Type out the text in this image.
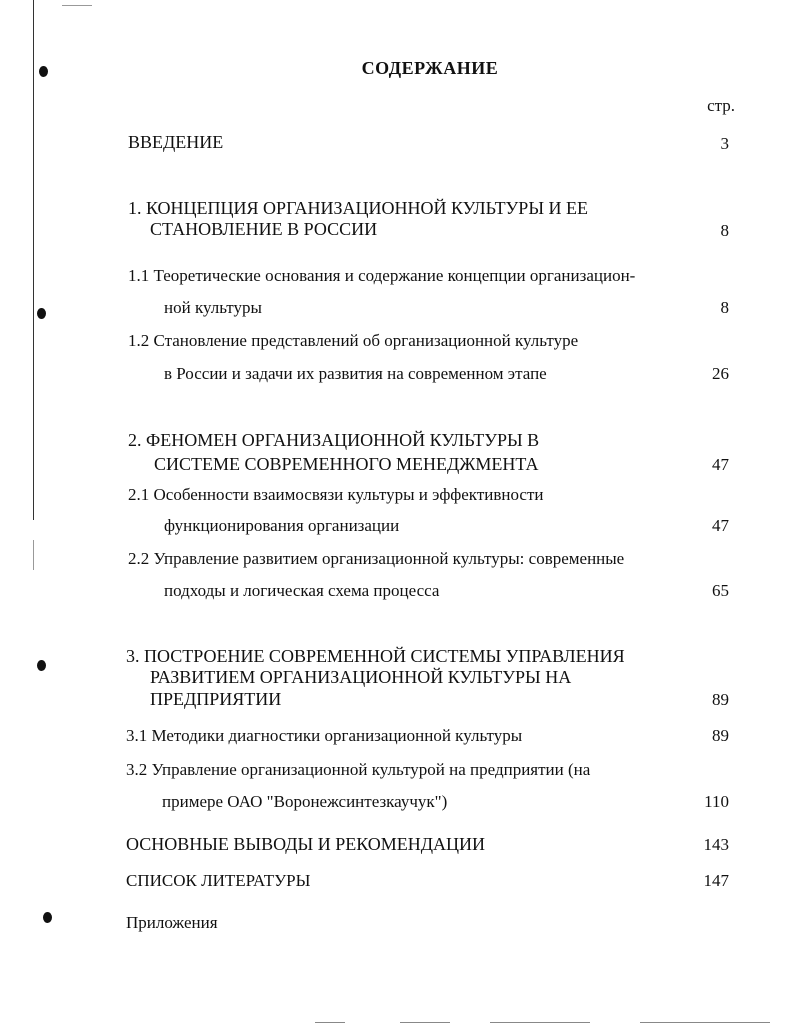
СОДЕРЖАНИЕ
стр.
ВВЕДЕНИЕ	3
1. КОНЦЕПЦИЯ ОРГАНИЗАЦИОННОЙ КУЛЬТУРЫ И ЕЕ
СТАНОВЛЕНИЕ В РОССИИ	8
1.1 Теоретические основания и содержание концепции организацион-
ной культуры	8
1.2 Становление представлений об организационной культуре
в России и задачи их развития на современном этапе	26
2. ФЕНОМЕН ОРГАНИЗАЦИОННОЙ КУЛЬТУРЫ В
СИСТЕМЕ СОВРЕМЕННОГО МЕНЕДЖМЕНТА	47
2.1 Особенности взаимосвязи культуры и эффективности
функционирования организации	47
2.2 Управление развитием организационной культуры: современные
подходы и логическая схема процесса	65
3. ПОСТРОЕНИЕ СОВРЕМЕННОЙ СИСТЕМЫ УПРАВЛЕНИЯ
РАЗВИТИЕМ ОРГАНИЗАЦИОННОЙ КУЛЬТУРЫ НА
ПРЕДПРИЯТИИ	89
3.1 Методики диагностики организационной культуры	89
3.2 Управление организационной культурой на предприятии (на
примере ОАО "Воронежсинтезкаучук")	110
ОСНОВНЫЕ ВЫВОДЫ И РЕКОМЕНДАЦИИ	143
СПИСОК ЛИТЕРАТУРЫ	147
Приложения
